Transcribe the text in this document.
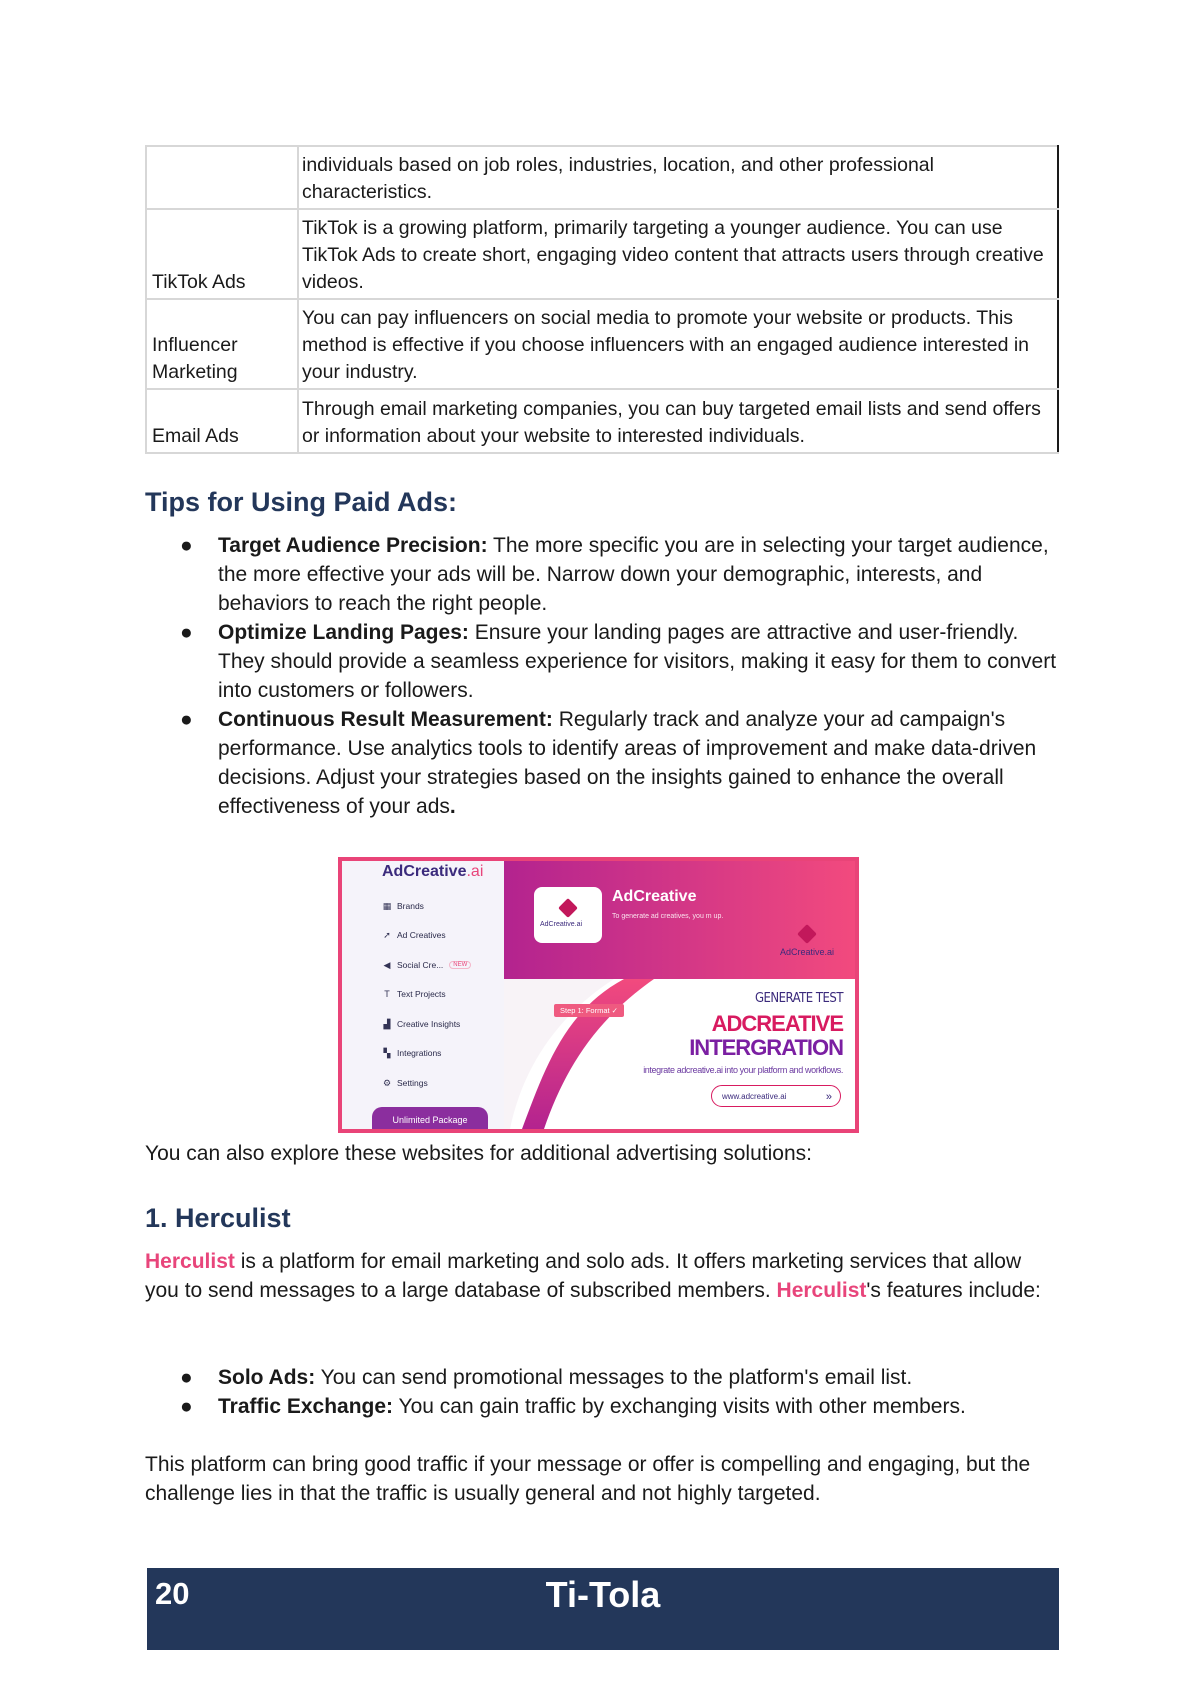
	individuals based on job roles, industries, location, and other professional characteristics.
TikTok Ads	TikTok is a growing platform, primarily targeting a younger audience. You can use TikTok Ads to create short, engaging video content that attracts users through creative videos.
Influencer Marketing	You can pay influencers on social media to promote your website or products. This method is effective if you choose influencers with an engaged audience interested in your industry.
Email Ads	Through email marketing companies, you can buy targeted email lists and send offers or information about your website to interested individuals.
Tips for Using Paid Ads:
● Target Audience Precision: The more specific you are in selecting your target audience, the more effective your ads will be. Narrow down your demographic, interests, and behaviors to reach the right people.
● Optimize Landing Pages: Ensure your landing pages are attractive and user-friendly. They should provide a seamless experience for visitors, making it easy for them to convert into customers or followers.
● Continuous Result Measurement: Regularly track and analyze your ad campaign's performance. Use analytics tools to identify areas of improvement and make data-driven decisions. Adjust your strategies based on the insights gained to enhance the overall effectiveness of your ads.
AdCreative.ai
▦ Brands
➚ Ad Creatives
◀ Social Cre...	NEW
T Text Projects
▟ Creative Insights
▚ Integrations
⚙ Settings
Unlimited Package
AdCreative.ai
AdCreative
To generate ad creatives, you m up.
AdCreative.ai
Step 1: Format ✓
GENERATE TEST
ADCREATIVE
INTERGRATION
integrate adcreative.ai into your platform and workflows.
www.adcreative.ai	»

You can also explore these websites for additional advertising solutions:

1. Herculist

Herculist is a platform for email marketing and solo ads. It offers marketing services that allow you to send messages to a large database of subscribed members. Herculist's features include:

● Solo Ads: You can send promotional messages to the platform's email list.
● Traffic Exchange: You can gain traffic by exchanging visits with other members.

This platform can bring good traffic if your message or offer is compelling and engaging, but the challenge lies in that the traffic is usually general and not highly targeted.

20	Ti-Tola
